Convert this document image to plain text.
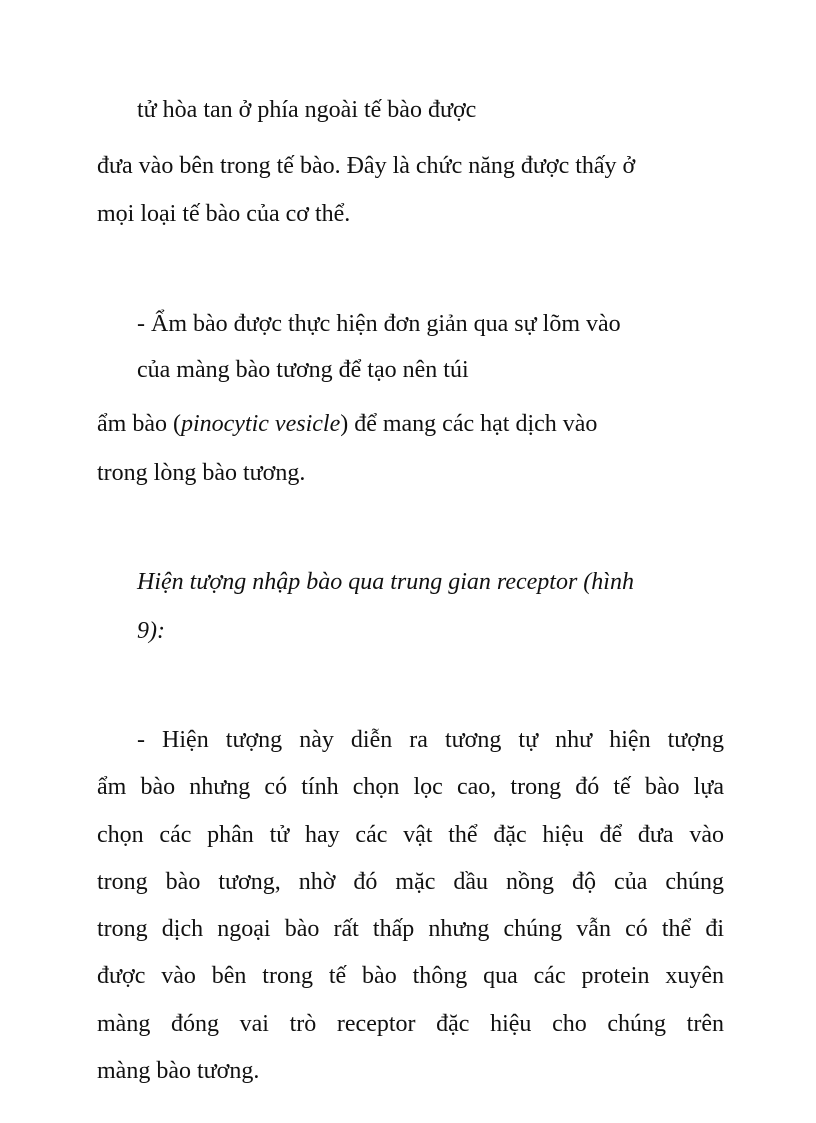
tử hòa tan ở phía ngoài tế bào được
đưa vào bên trong tế bào. Đây là chức năng được thấy ở
mọi loại tế bào của cơ thể.
- Ẩm bào được thực hiện đơn giản qua sự lõm vào
của màng bào tương để tạo nên túi
ẩm bào (pinocytic vesicle) để mang các hạt dịch vào
trong lòng bào tương.
Hiện tượng nhập bào qua trung gian receptor (hình
9):
- Hiện tượng này diễn ra tương tự như hiện tượng
ẩm bào nhưng có tính chọn lọc cao, trong đó tế bào lựa
chọn các phân tử hay các vật thể đặc hiệu để đưa vào
trong bào tương, nhờ đó mặc dầu nồng độ của chúng
trong dịch ngoại bào rất thấp nhưng chúng vẫn có thể đi
được vào bên trong tế bào thông qua các protein xuyên
màng đóng vai trò receptor đặc hiệu cho chúng trên
màng bào tương.
